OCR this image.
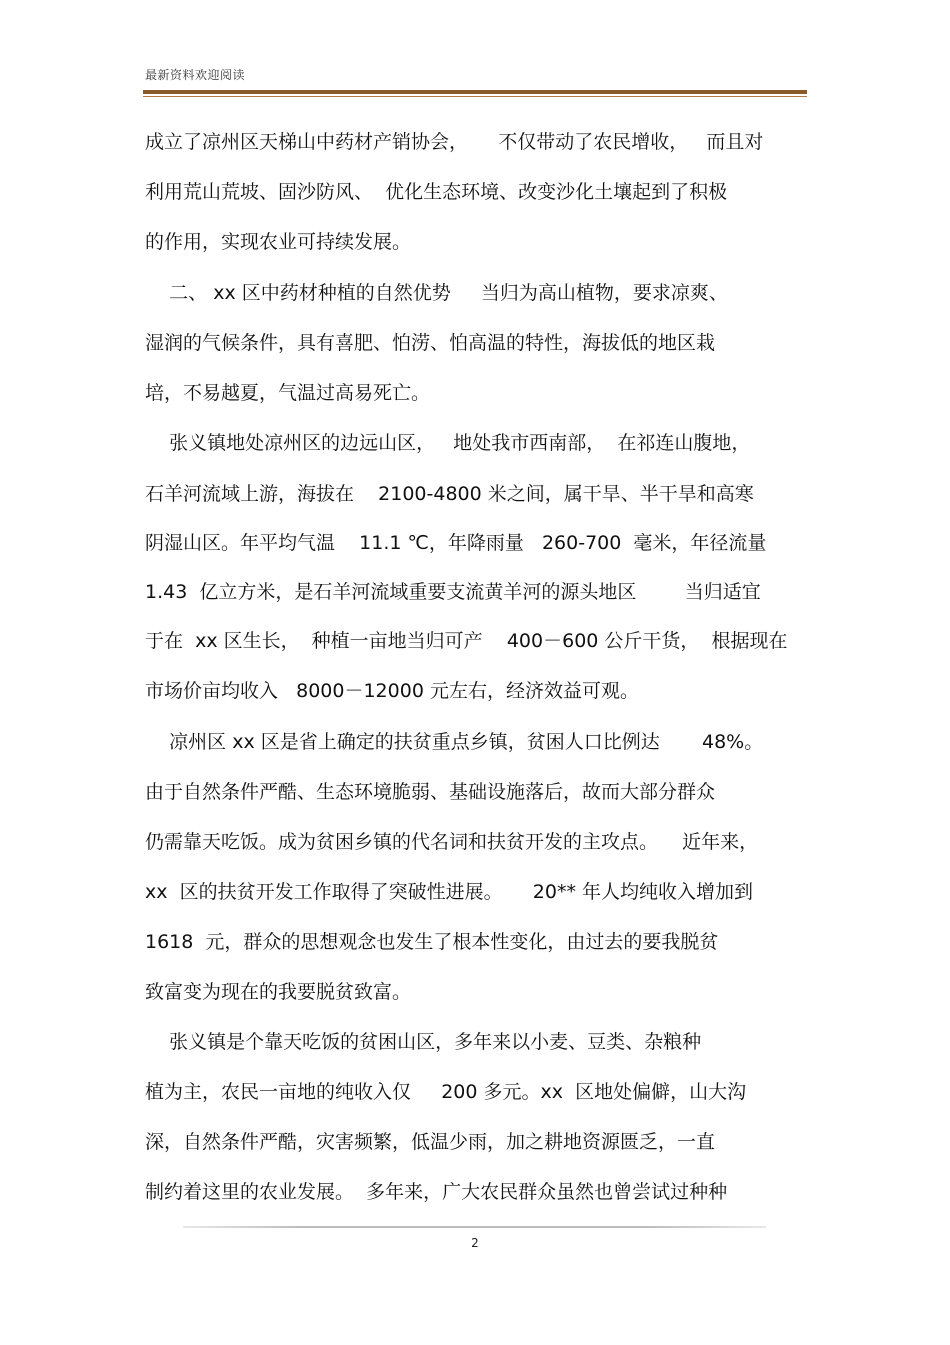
最新资料欢迎阅读
成立了凉州区天梯山中药材产销协会，     不仅带动了农民增收，   而且对
利用荒山荒坡、固沙防风、  优化生态环境、改变沙化土壤起到了积极
的作用，实现农业可持续发展。
二、 xx 区中药材种植的自然优势     当归为高山植物，要求凉爽、
湿润的气候条件，具有喜肥、怕涝、怕高温的特性，海拔低的地区栽
培，不易越夏，气温过高易死亡。
张义镇地处凉州区的边远山区，   地处我市西南部，  在祁连山腹地，
石羊河流域上游，海拔在    2100-4800 米之间，属干旱、半干旱和高寒
阴湿山区。年平均气温    11.1 ℃，年降雨量   260-700  毫米，年径流量
1.43  亿立方米，是石羊河流域重要支流黄羊河的源头地区        当归适宜
于在  xx 区生长，  种植一亩地当归可产    400－600 公斤干货，  根据现在
市场价亩均收入   8000－12000 元左右，经济效益可观。
凉州区 xx 区是省上确定的扶贫重点乡镇，贫困人口比例达       48%。
由于自然条件严酷、生态环境脆弱、基础设施落后，故而大部分群众
仍需靠天吃饭。成为贫困乡镇的代名词和扶贫开发的主攻点。    近年来，
xx  区的扶贫开发工作取得了突破性进展。     20** 年人均纯收入增加到
1618  元，群众的思想观念也发生了根本性变化，由过去的要我脱贫
致富变为现在的我要脱贫致富。
张义镇是个靠天吃饭的贫困山区，多年来以小麦、豆类、杂粮种
植为主，农民一亩地的纯收入仅     200 多元。xx  区地处偏僻，山大沟
深，自然条件严酷，灾害频繁，低温少雨，加之耕地资源匮乏，一直
制约着这里的农业发展。  多年来，广大农民群众虽然也曾尝试过种种
2
